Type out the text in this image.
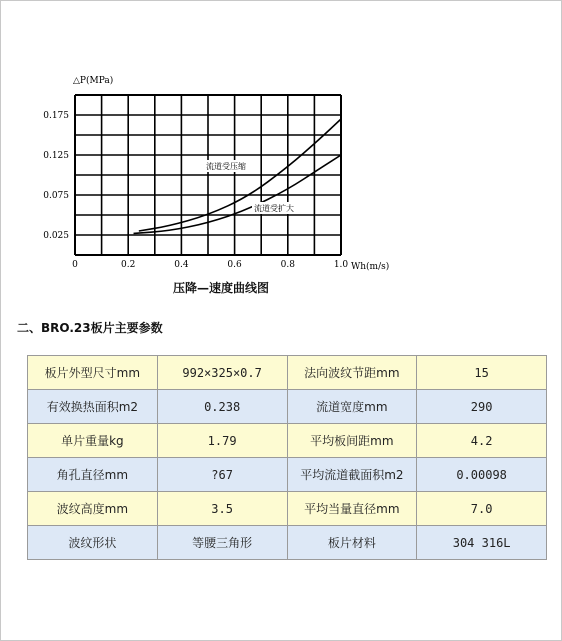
0.025
0.075
0.125
0.175
0	0.2	0.4	0.6	0.8	1.0
△P(MPa)
Wh(m/s)
流道受压缩
流道受扩大
压降—速度曲线图
二、BRO.23板片主要参数
板片外型尺寸mm	992×325×0.7	法向波纹节距mm	15
有效换热面积m2	0.238	流道宽度mm	290
单片重量kg	1.79	平均板间距mm	4.2
角孔直径mm	?67	平均流道截面积m2	0.00098
波纹高度mm	3.5	平均当量直径mm	7.0
波纹形状	等腰三角形	板片材料	304 316L
